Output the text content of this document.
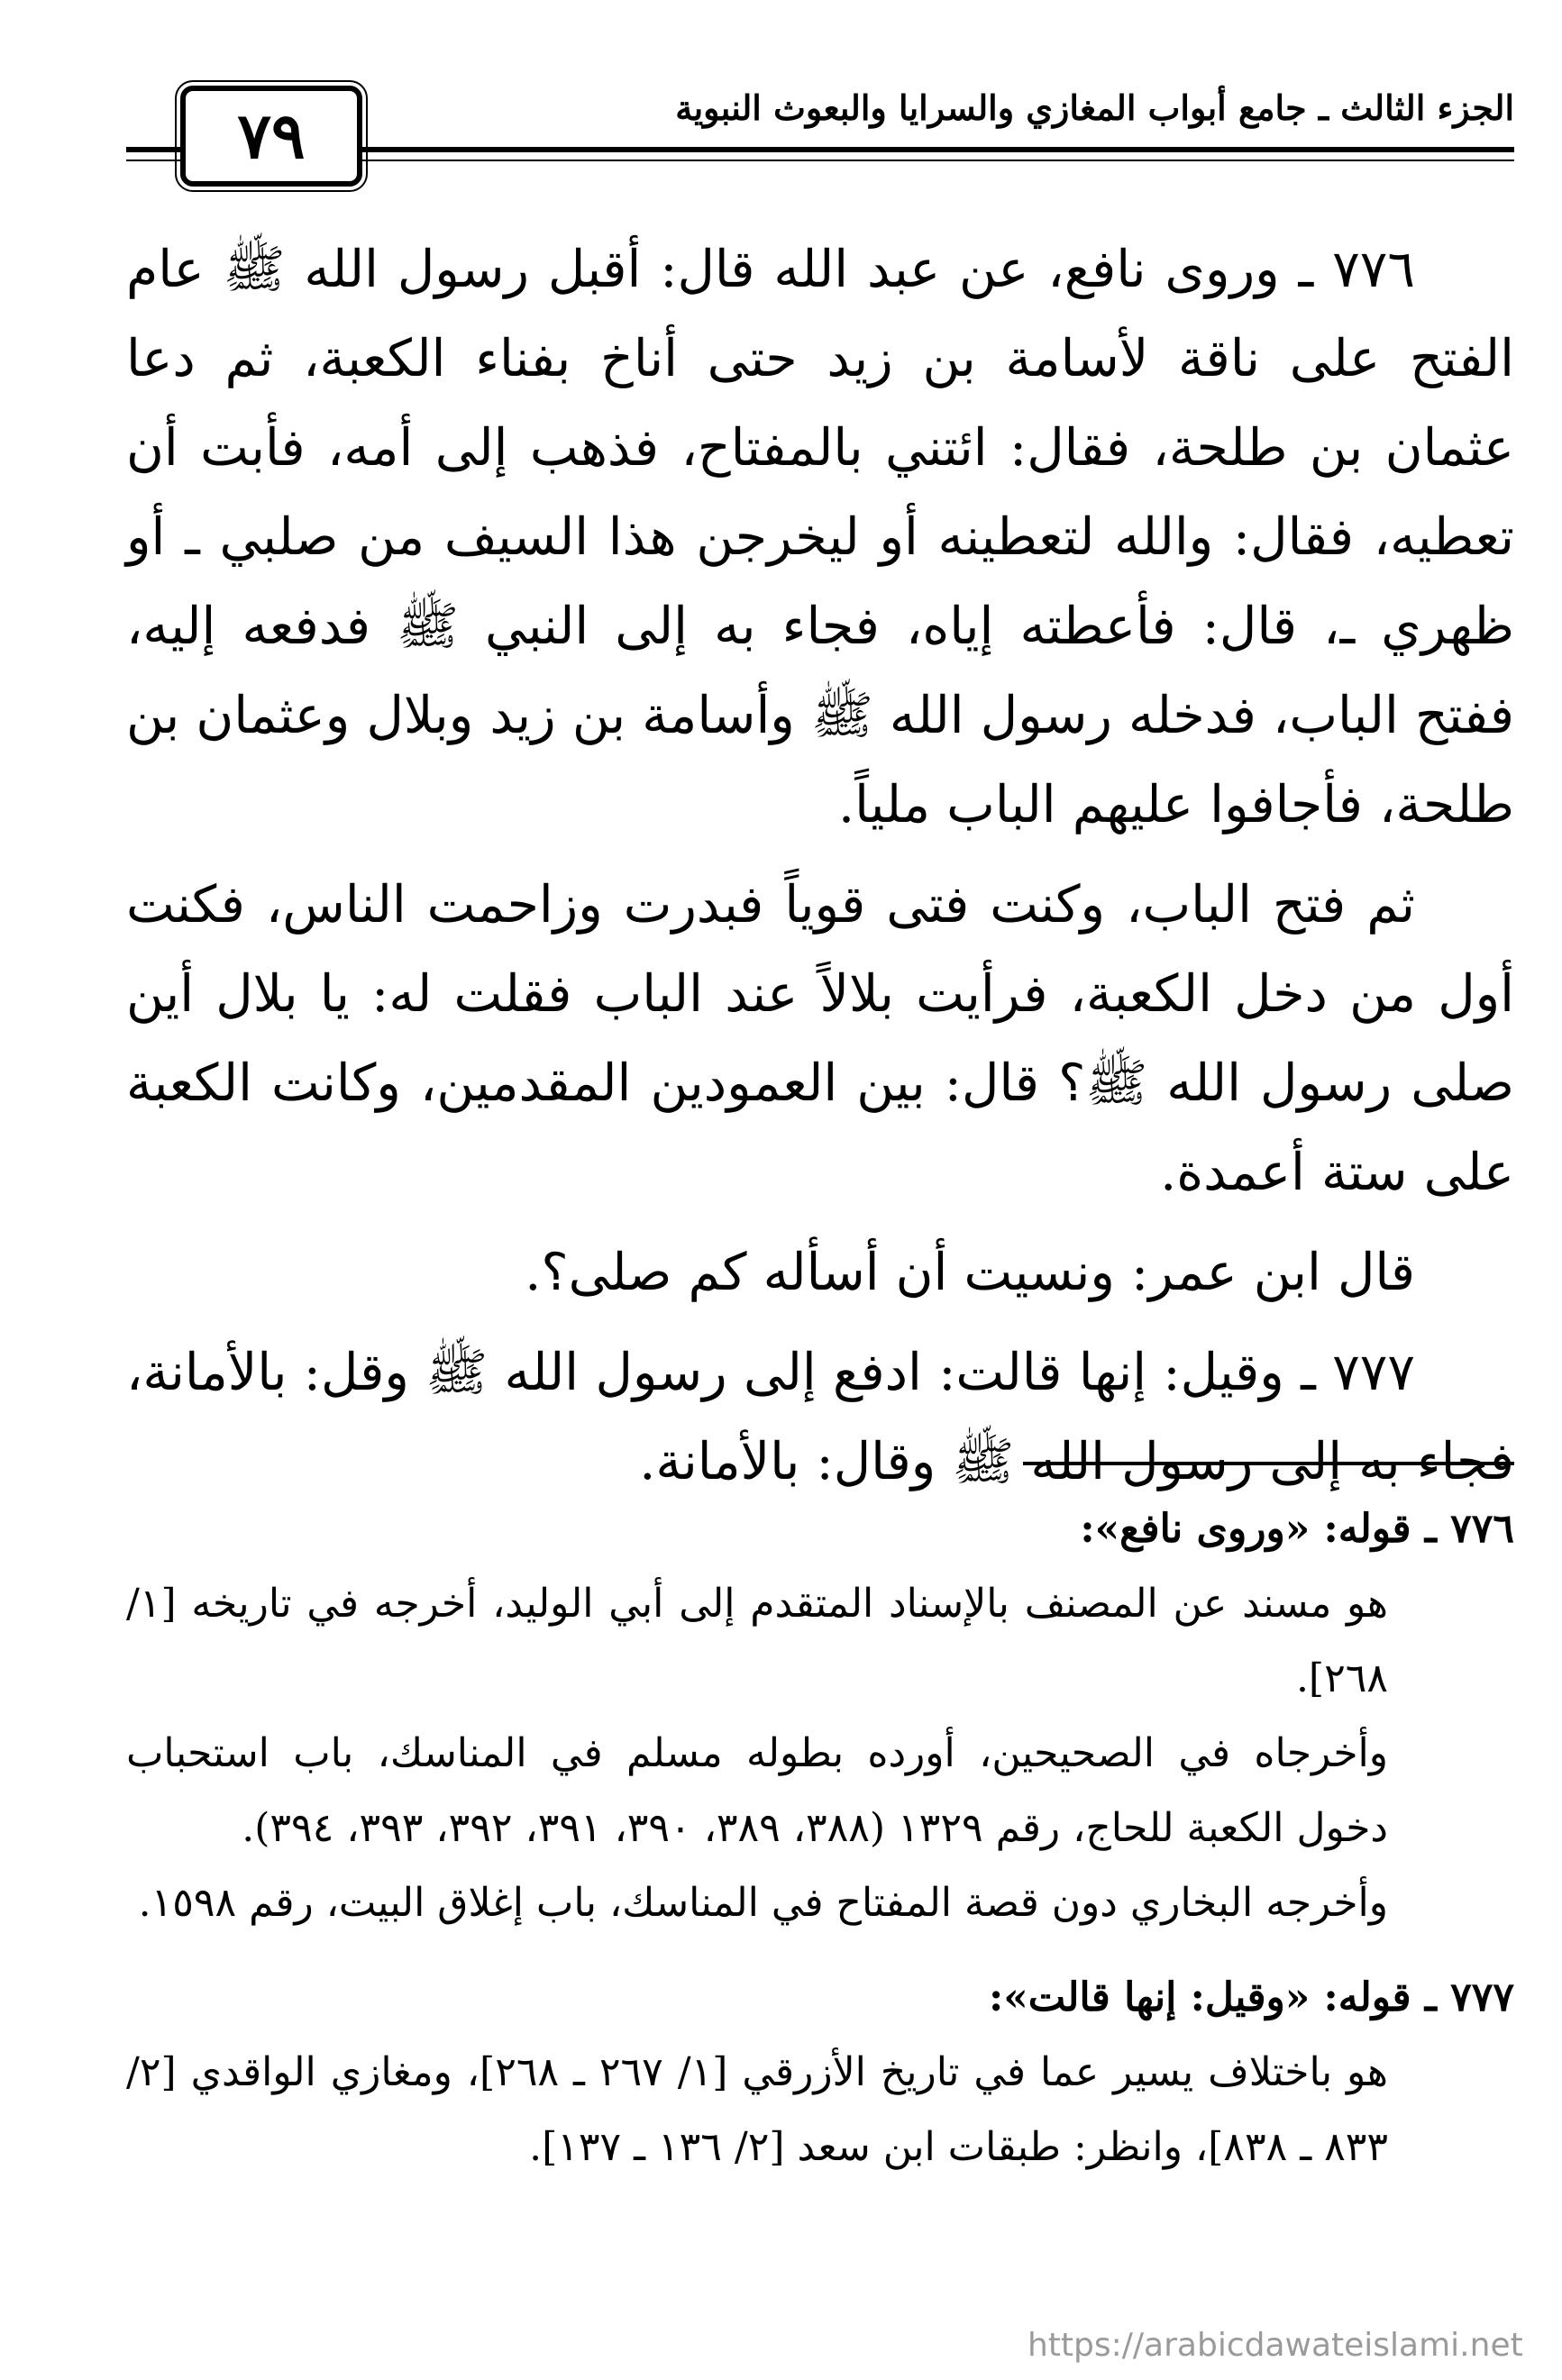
٧٩	الجزء الثالث ـ جامع أبواب المغازي والسرايا والبعوث النبوية

٧٧٦ ـ وروى نافع، عن عبد الله قال: أقبل رسول الله ﷺ عام الفتح على ناقة لأسامة بن زيد حتى أناخ بفناء الكعبة، ثم دعا عثمان بن طلحة، فقال: ائتني بالمفتاح، فذهب إلى أمه، فأبت أن تعطيه، فقال: والله لتعطينه أو ليخرجن هذا السيف من صلبي ـ أو ظهري ـ، قال: فأعطته إياه، فجاء به إلى النبي ﷺ فدفعه إليه، ففتح الباب، فدخله رسول الله ﷺ وأسامة بن زيد وبلال وعثمان بن طلحة، فأجافوا عليهم الباب ملياً.

ثم فتح الباب، وكنت فتى قوياً فبدرت وزاحمت الناس، فكنت أول من دخل الكعبة، فرأيت بلالاً عند الباب فقلت له: يا بلال أين صلى رسول الله ﷺ؟ قال: بين العمودين المقدمين، وكانت الكعبة على ستة أعمدة.

قال ابن عمر: ونسيت أن أسأله كم صلى؟.

٧٧٧ ـ وقيل: إنها قالت: ادفع إلى رسول الله ﷺ وقل: بالأمانة، فجاء به إلى رسول الله ﷺ وقال: بالأمانة.

٧٧٦ ـ قوله: «وروى نافع»:

هو مسند عن المصنف بالإسناد المتقدم إلى أبي الوليد، أخرجه في تاريخه [١/ ٢٦٨].

وأخرجاه في الصحيحين، أورده بطوله مسلم في المناسك، باب استحباب دخول الكعبة للحاج، رقم ١٣٢٩ (٣٨٨، ٣٨٩، ٣٩٠، ٣٩١، ٣٩٢، ٣٩٣، ٣٩٤).

وأخرجه البخاري دون قصة المفتاح في المناسك، باب إغلاق البيت، رقم ١٥٩٨.

٧٧٧ ـ قوله: «وقيل: إنها قالت»:

هو باختلاف يسير عما في تاريخ الأزرقي [١/ ٢٦٧ ـ ٢٦٨]، ومغازي الواقدي [٢/ ٨٣٣ ـ ٨٣٨]، وانظر: طبقات ابن سعد [٢/ ١٣٦ ـ ١٣٧].

https://arabicdawateislami.net
